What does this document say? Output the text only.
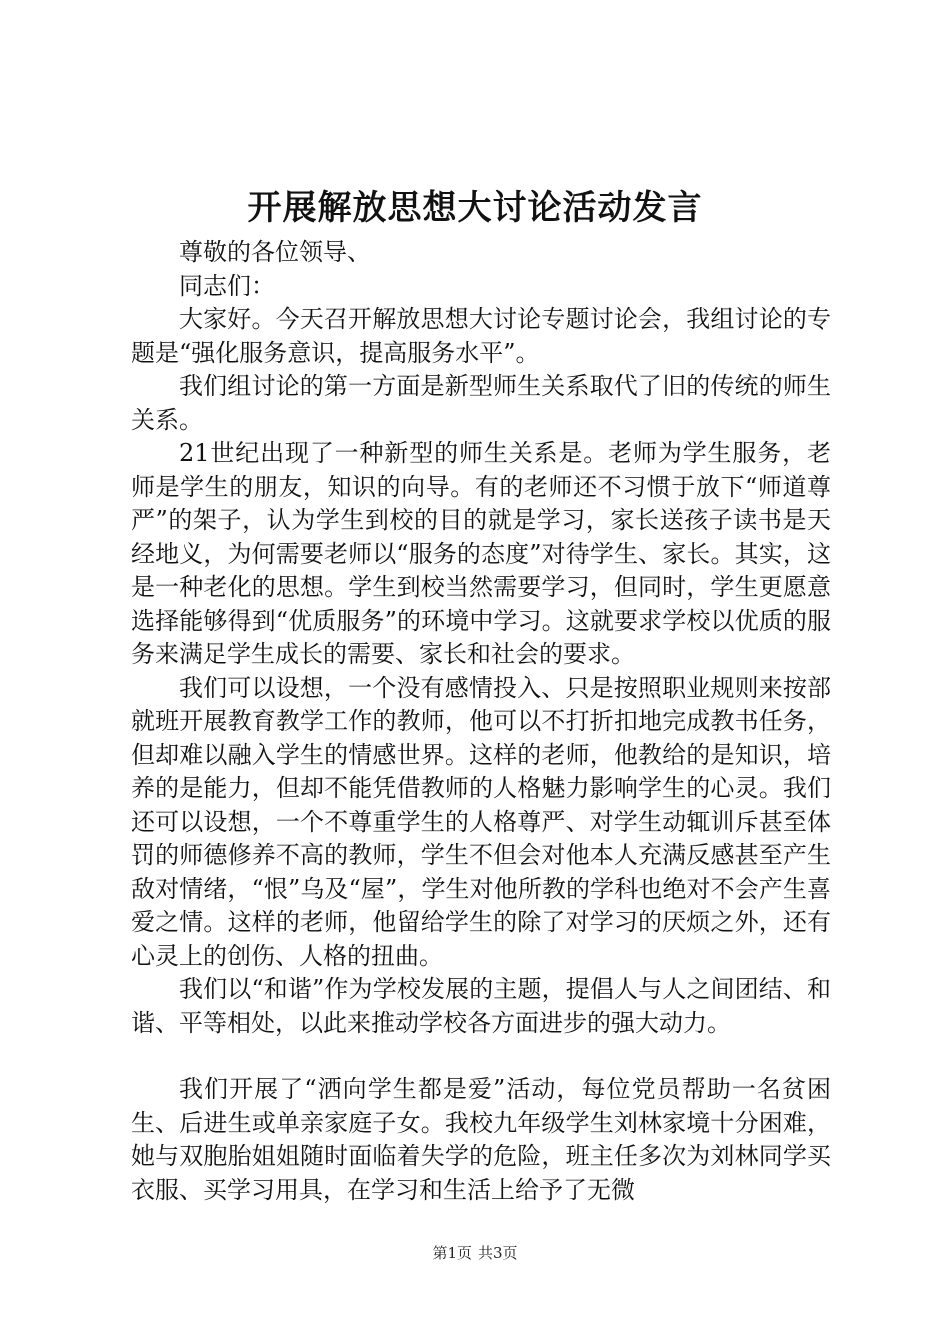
开展解放思想大讨论活动发言

尊敬的各位领导、

同志们：

大家好。今天召开解放思想大讨论专题讨论会，我组讨论的专题是“强化服务意识，提高服务水平”。

我们组讨论的第一方面是新型师生关系取代了旧的传统的师生关系。

21世纪出现了一种新型的师生关系是。老师为学生服务，老师是学生的朋友，知识的向导。有的老师还不习惯于放下“师道尊严”的架子，认为学生到校的目的就是学习，家长送孩子读书是天经地义，为何需要老师以“服务的态度”对待学生、家长。其实，这是一种老化的思想。学生到校当然需要学习，但同时，学生更愿意选择能够得到“优质服务”的环境中学习。这就要求学校以优质的服务来满足学生成长的需要、家长和社会的要求。

我们可以设想，一个没有感情投入、只是按照职业规则来按部就班开展教育教学工作的教师，他可以不打折扣地完成教书任务，但却难以融入学生的情感世界。这样的老师，他教给的是知识，培养的是能力，但却不能凭借教师的人格魅力影响学生的心灵。我们还可以设想，一个不尊重学生的人格尊严、对学生动辄训斥甚至体罚的师德修养不高的教师，学生不但会对他本人充满反感甚至产生敌对情绪，“恨”乌及“屋”，学生对他所教的学科也绝对不会产生喜爱之情。这样的老师，他留给学生的除了对学习的厌烦之外，还有心灵上的创伤、人格的扭曲。

我们以“和谐”作为学校发展的主题，提倡人与人之间团结、和谐、平等相处，以此来推动学校各方面进步的强大动力。

我们开展了“洒向学生都是爱”活动，每位党员帮助一名贫困生、后进生或单亲家庭子女。我校九年级学生刘林家境十分困难，她与双胞胎姐姐随时面临着失学的危险，班主任多次为刘林同学买衣服、买学习用具，在学习和生活上给予了无微

第1页 共3页
